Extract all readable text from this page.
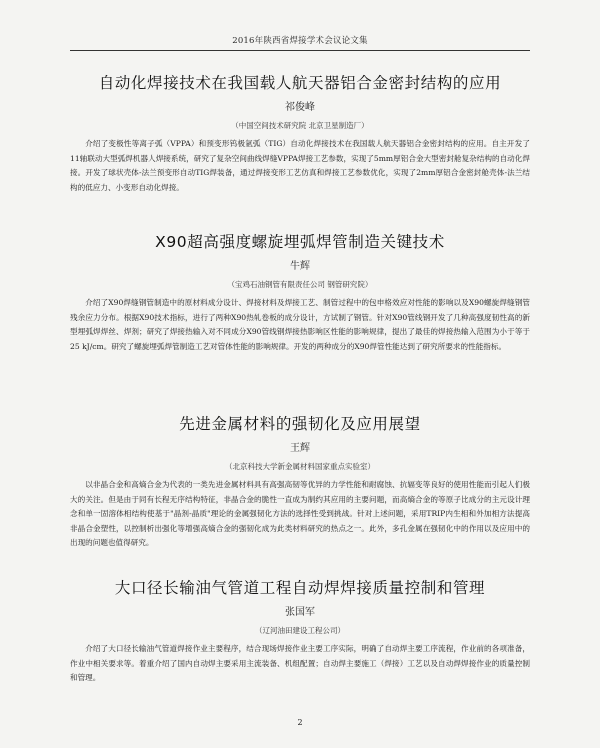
2016年陕西省焊接学术会议论文集
自动化焊接技术在我国载人航天器铝合金密封结构的应用
祁俊峰
（中国空间技术研究院 北京卫星制造厂）

介绍了变极性等离子弧（VPPA）和预变形钨极氩弧（TIG）自动化焊接技术在我国载人航天器铝合金密封结构的应用。自主开发了11轴联动大型弧焊机器人焊接系统，研究了复杂空间曲线焊缝VPPA焊接工艺参数，实现了5mm厚铝合金大型密封舱复杂结构的自动化焊接。开发了球状壳体-法兰预变形自动TIG焊装备，通过焊接变形工艺仿真和焊接工艺参数优化，实现了2mm厚铝合金密封舱壳体-法兰结构的低应力、小变形自动化焊接。

X90超高强度螺旋埋弧焊管制造关键技术
牛辉
（宝鸡石油钢管有限责任公司 钢管研究院）

介绍了X90焊缝钢管制造中的原材料成分设计、焊接材料及焊接工艺、制管过程中的包申格效应对性能的影响以及X90螺旋焊缝钢管残余应力分布。根据X90技术指标，进行了两种X90热轧卷板的成分设计，方试制了钢管。针对X90管线钢开发了几种高强度韧性高的新型埋弧焊焊丝、焊剂；研究了焊接热输入对不同成分X90管线钢焊接热影响区性能的影响规律，提出了最佳的焊接热输入范围为小于等于25 kJ/cm。研究了螺旋埋弧焊管制造工艺对管体性能的影响规律。开发的两种成分的X90焊管性能达到了研究所要求的性能指标。

先进金属材料的强韧化及应用展望
王辉
（北京科技大学新金属材料国家重点实验室）

以非晶合金和高熵合金为代表的一类先进金属材料具有高强高韧等优异的力学性能和耐腐蚀、抗辐变等良好的使用性能而引起人们极大的关注。但是由于同有长程无序结构特征，非晶合金的脆性一直成为制约其应用的主要问题，而高熵合金的等原子比成分的主元设计理念和单一固溶体相结构使基于"晶剂-晶质"理论的金属强韧化方法的选择性受到挑战。针对上述问题，采用TRIP内生相和外加相方法提高非晶合金塑性，以控制析出强化等增强高熵合金的强韧化成为此类材料研究的热点之一。此外，多孔金属在强韧化中的作用以及应用中的出现的问题也值得研究。

大口径长输油气管道工程自动焊焊接质量控制和管理
张国军
（辽河油田建设工程公司）

介绍了大口径长输油气管道焊接作业主要程序，结合现场焊接作业主要工序实际，明确了自动焊主要工序流程，作业前的各项准备，作业中相关要求等。着重介绍了国内自动焊主要采用主流装备、机组配置；自动焊主要施工（焊接）工艺以及自动焊焊接作业的质量控制和管理。

2
